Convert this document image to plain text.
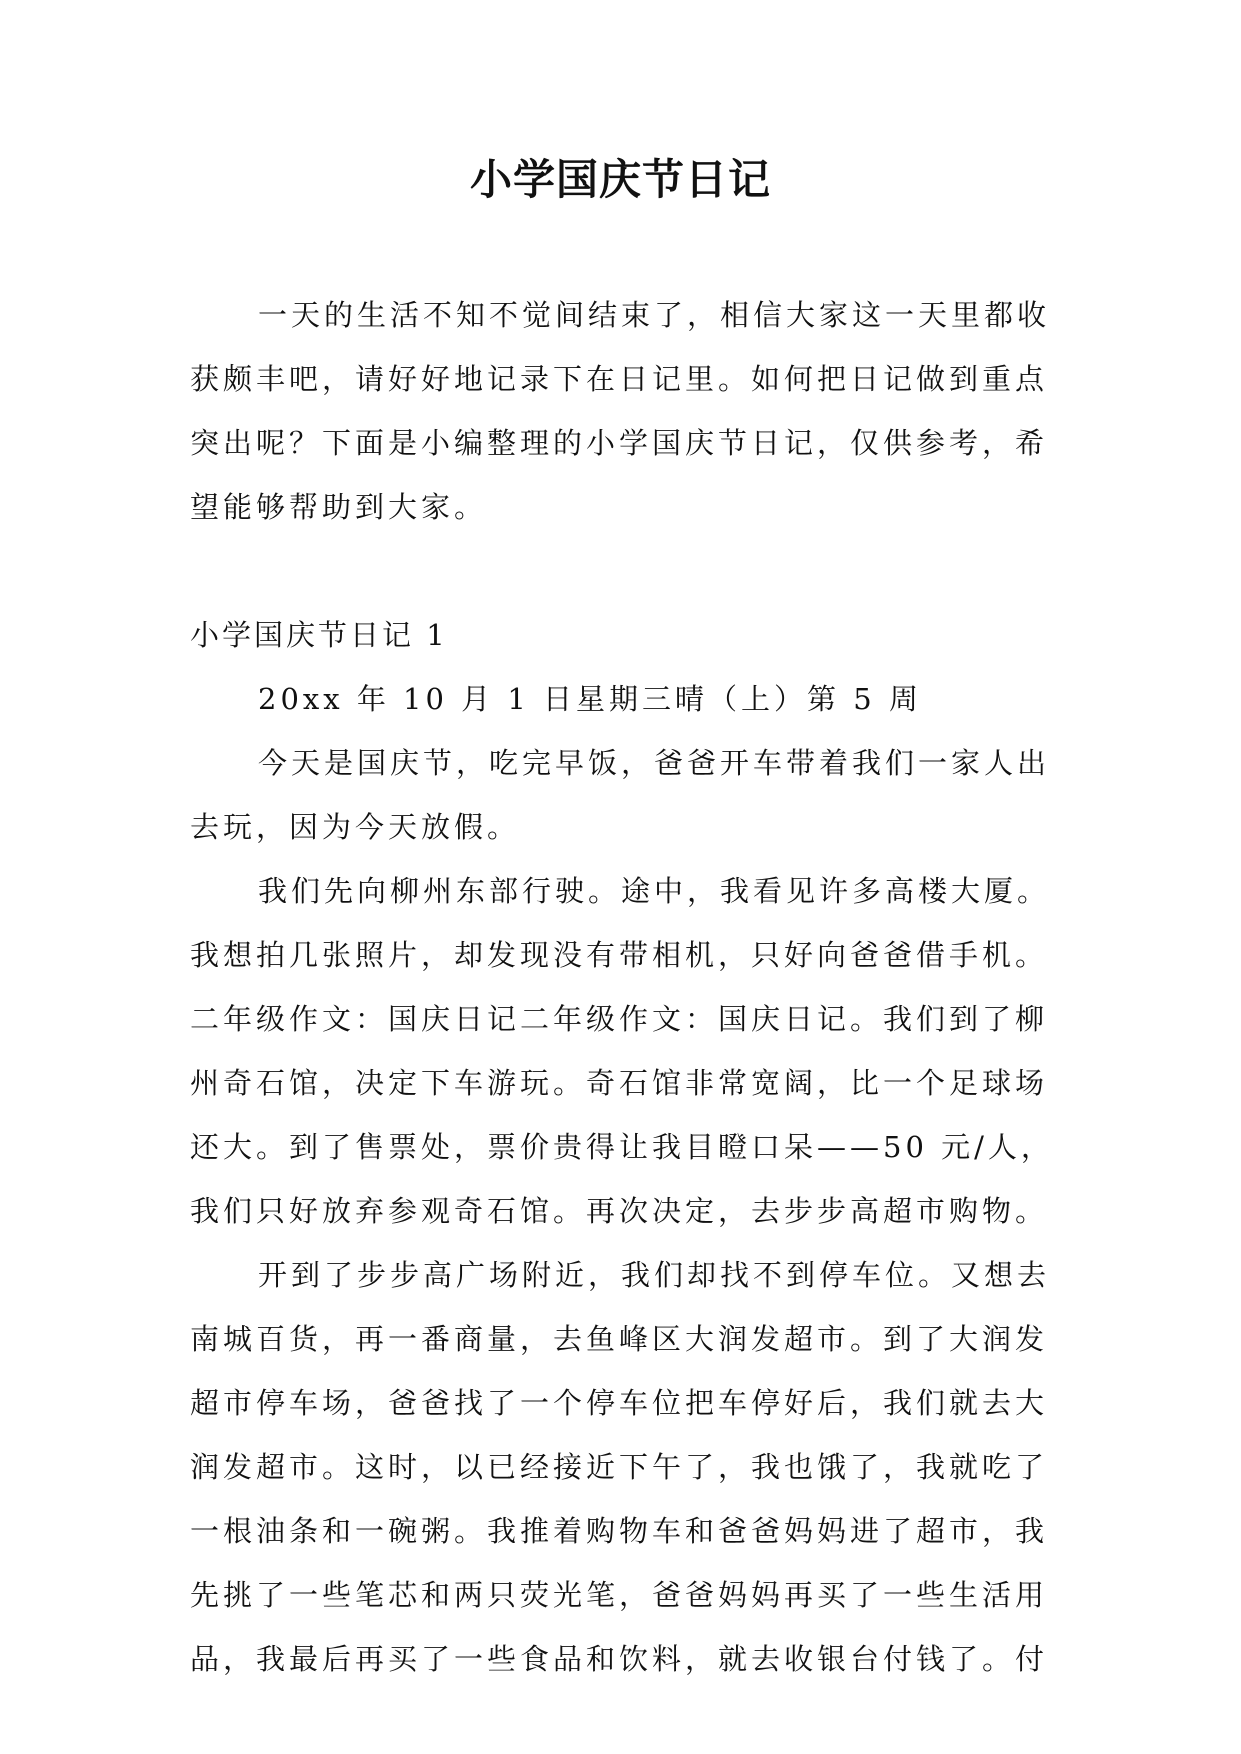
小学国庆节日记
一天的生活不知不觉间结束了，相信大家这一天里都收
获颇丰吧，请好好地记录下在日记里。如何把日记做到重点
突出呢？下面是小编整理的小学国庆节日记，仅供参考，希
望能够帮助到大家。
小学国庆节日记 1
20xx 年 10 月 1 日星期三晴（上）第 5 周
今天是国庆节，吃完早饭，爸爸开车带着我们一家人出
去玩，因为今天放假。
我们先向柳州东部行驶。途中，我看见许多高楼大厦。
我想拍几张照片，却发现没有带相机，只好向爸爸借手机。
二年级作文：国庆日记二年级作文：国庆日记。我们到了柳
州奇石馆，决定下车游玩。奇石馆非常宽阔，比一个足球场
还大。到了售票处，票价贵得让我目瞪口呆——50 元/人，
我们只好放弃参观奇石馆。再次决定，去步步高超市购物。
开到了步步高广场附近，我们却找不到停车位。又想去
南城百货，再一番商量，去鱼峰区大润发超市。到了大润发
超市停车场，爸爸找了一个停车位把车停好后，我们就去大
润发超市。这时，以已经接近下午了，我也饿了，我就吃了
一根油条和一碗粥。我推着购物车和爸爸妈妈进了超市，我
先挑了一些笔芯和两只荧光笔，爸爸妈妈再买了一些生活用
品，我最后再买了一些食品和饮料，就去收银台付钱了。付
